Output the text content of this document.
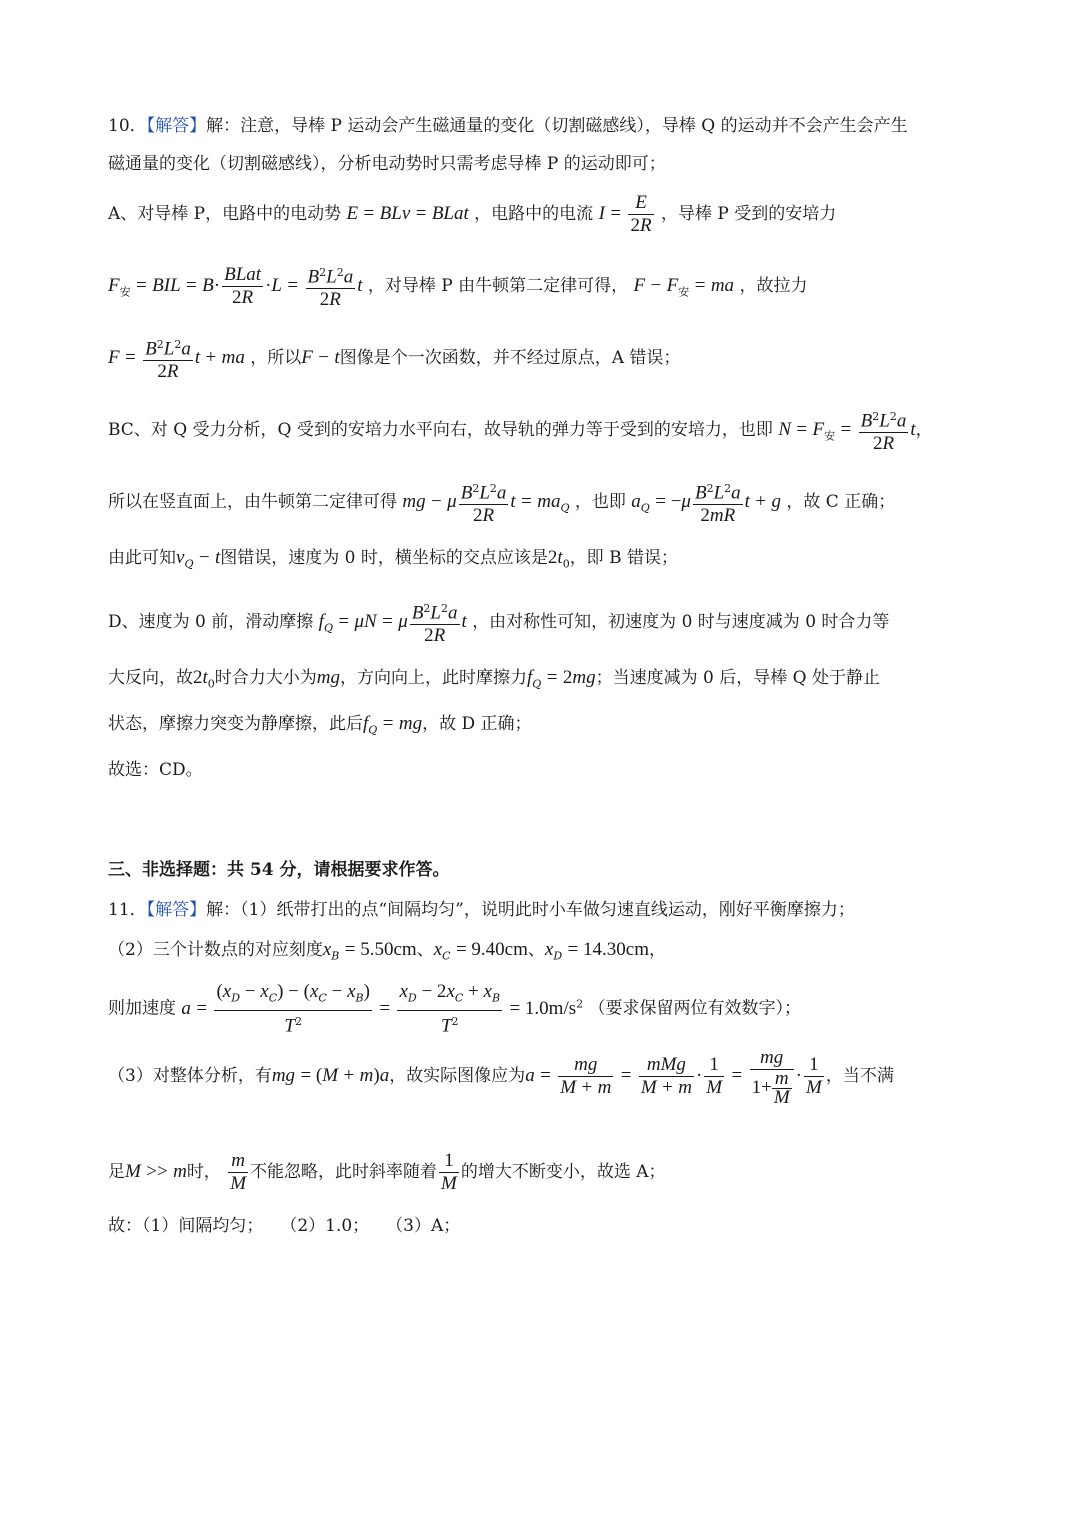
10．【解答】解：注意，导棒 P 运动会产生磁通量的变化（切割磁感线），导棒 Q 的运动并不会产生会产生
磁通量的变化（切割磁感线），分析电动势时只需考虑导棒 P 的运动即可；
A、对导棒 P，电路中的电动势 E = BLv = BLat ，电路中的电流 $I = \frac{E}{2R}$ ，导棒 P 受到的安培力
$F_安$ = BIL = B·
BLat
2R
$\cdot L = \frac{B^2L^2a}{2R}$ t ，对导棒 P 由牛顿第二定律可得， $F - F_安$ = ma ，故拉力
$F = \frac{B^2L^2a}{2R}$ t + ma ，所以F − t图像是个一次函数，并不经过原点，A 错误；
BC、对 Q 受力分析，Q 受到的安培力水平向右，故导轨的弹力等于受到的安培力，也即 $N = F_安 = \frac{B^2L^2a}{2R}$ t，
所以在竖直面上，由牛顿第二定律可得 mg − μ $\frac{B^2L^2a}{2R}$ $t = ma_Q$ ，也即 $a_Q = -\mu \frac{B^2L^2a}{2mR}$ t + g ，故 C 正确；
由此可知$v_Q - t$图错误，速度为 0 时，横坐标的交点应该是$2t_0$，即 B 错误；
D、速度为 0 前，滑动摩擦 $f_Q = \mu N = \mu \frac{B^2L^2a}{2R}$ t ，由对称性可知，初速度为 0 时与速度减为 0 时合力等
大反向，故$2t_0$时合力大小为mg，方向向上，此时摩擦力$f_Q = 2mg$；当速度减为 0 后，导棒 Q 处于静止
状态，摩擦力突变为静摩擦，此后$f_Q$ = mg，故 D 正确；
故选：CD。
三、非选择题：共 54 分，请根据要求作答。
11．【解答】解：（1）纸带打出的点“间隔均匀”，说明此时小车做匀速直线运动，刚好平衡摩擦力；
（2）三个计数点的对应刻度$x_B = 5.50cm$、$x_C = 9.40cm$、$x_D = 14.30cm$，
则加速度 $a = \frac{(x_D - x_C) - (x_C - x_B)}{T^2} = \frac{x_D - 2x_C + x_B}{T^2} = 1.0m/s^2$ （要求保留两位有效数字）；
（3）对整体分析，有mg = (M + m)a，故实际图像应为$a = \frac{mg}{M + m}$ =
mMg
M + m
· $\frac{1}{M} = \frac{mg}{1+ \frac{m}{M}} \cdot \frac{1}{M}$ ，当不满
足M >> m时， $\frac{m}{M}$ 不能忽略，此时斜率随着 $\frac{1}{M}$ 的增大不断变小，故选 A；
故：（1）间隔均匀；　　（2）1.0；　　（3）A；
